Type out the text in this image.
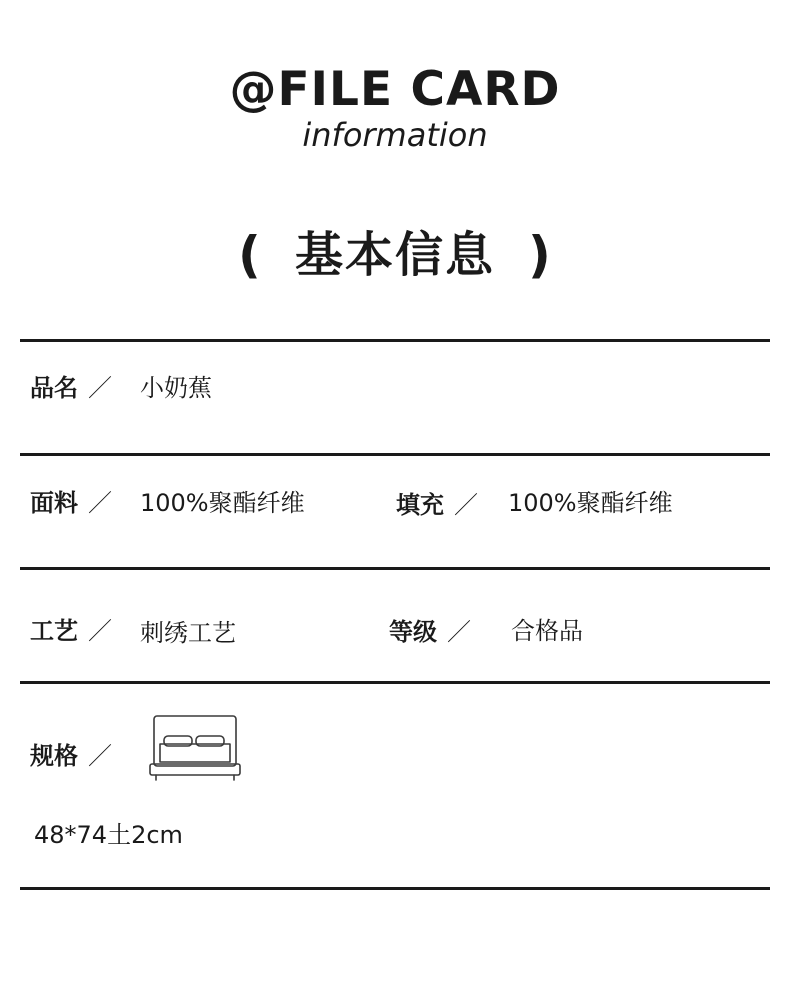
@FILE CARD
information
( 基本信息 )
品名 ／ 小奶蕉
面料 ／ 100%聚酯纤维	填充 ／ 100%聚酯纤维
工艺 ／ 刺绣工艺	等级 ／ 合格品
规格 ／
48*74土2cm
